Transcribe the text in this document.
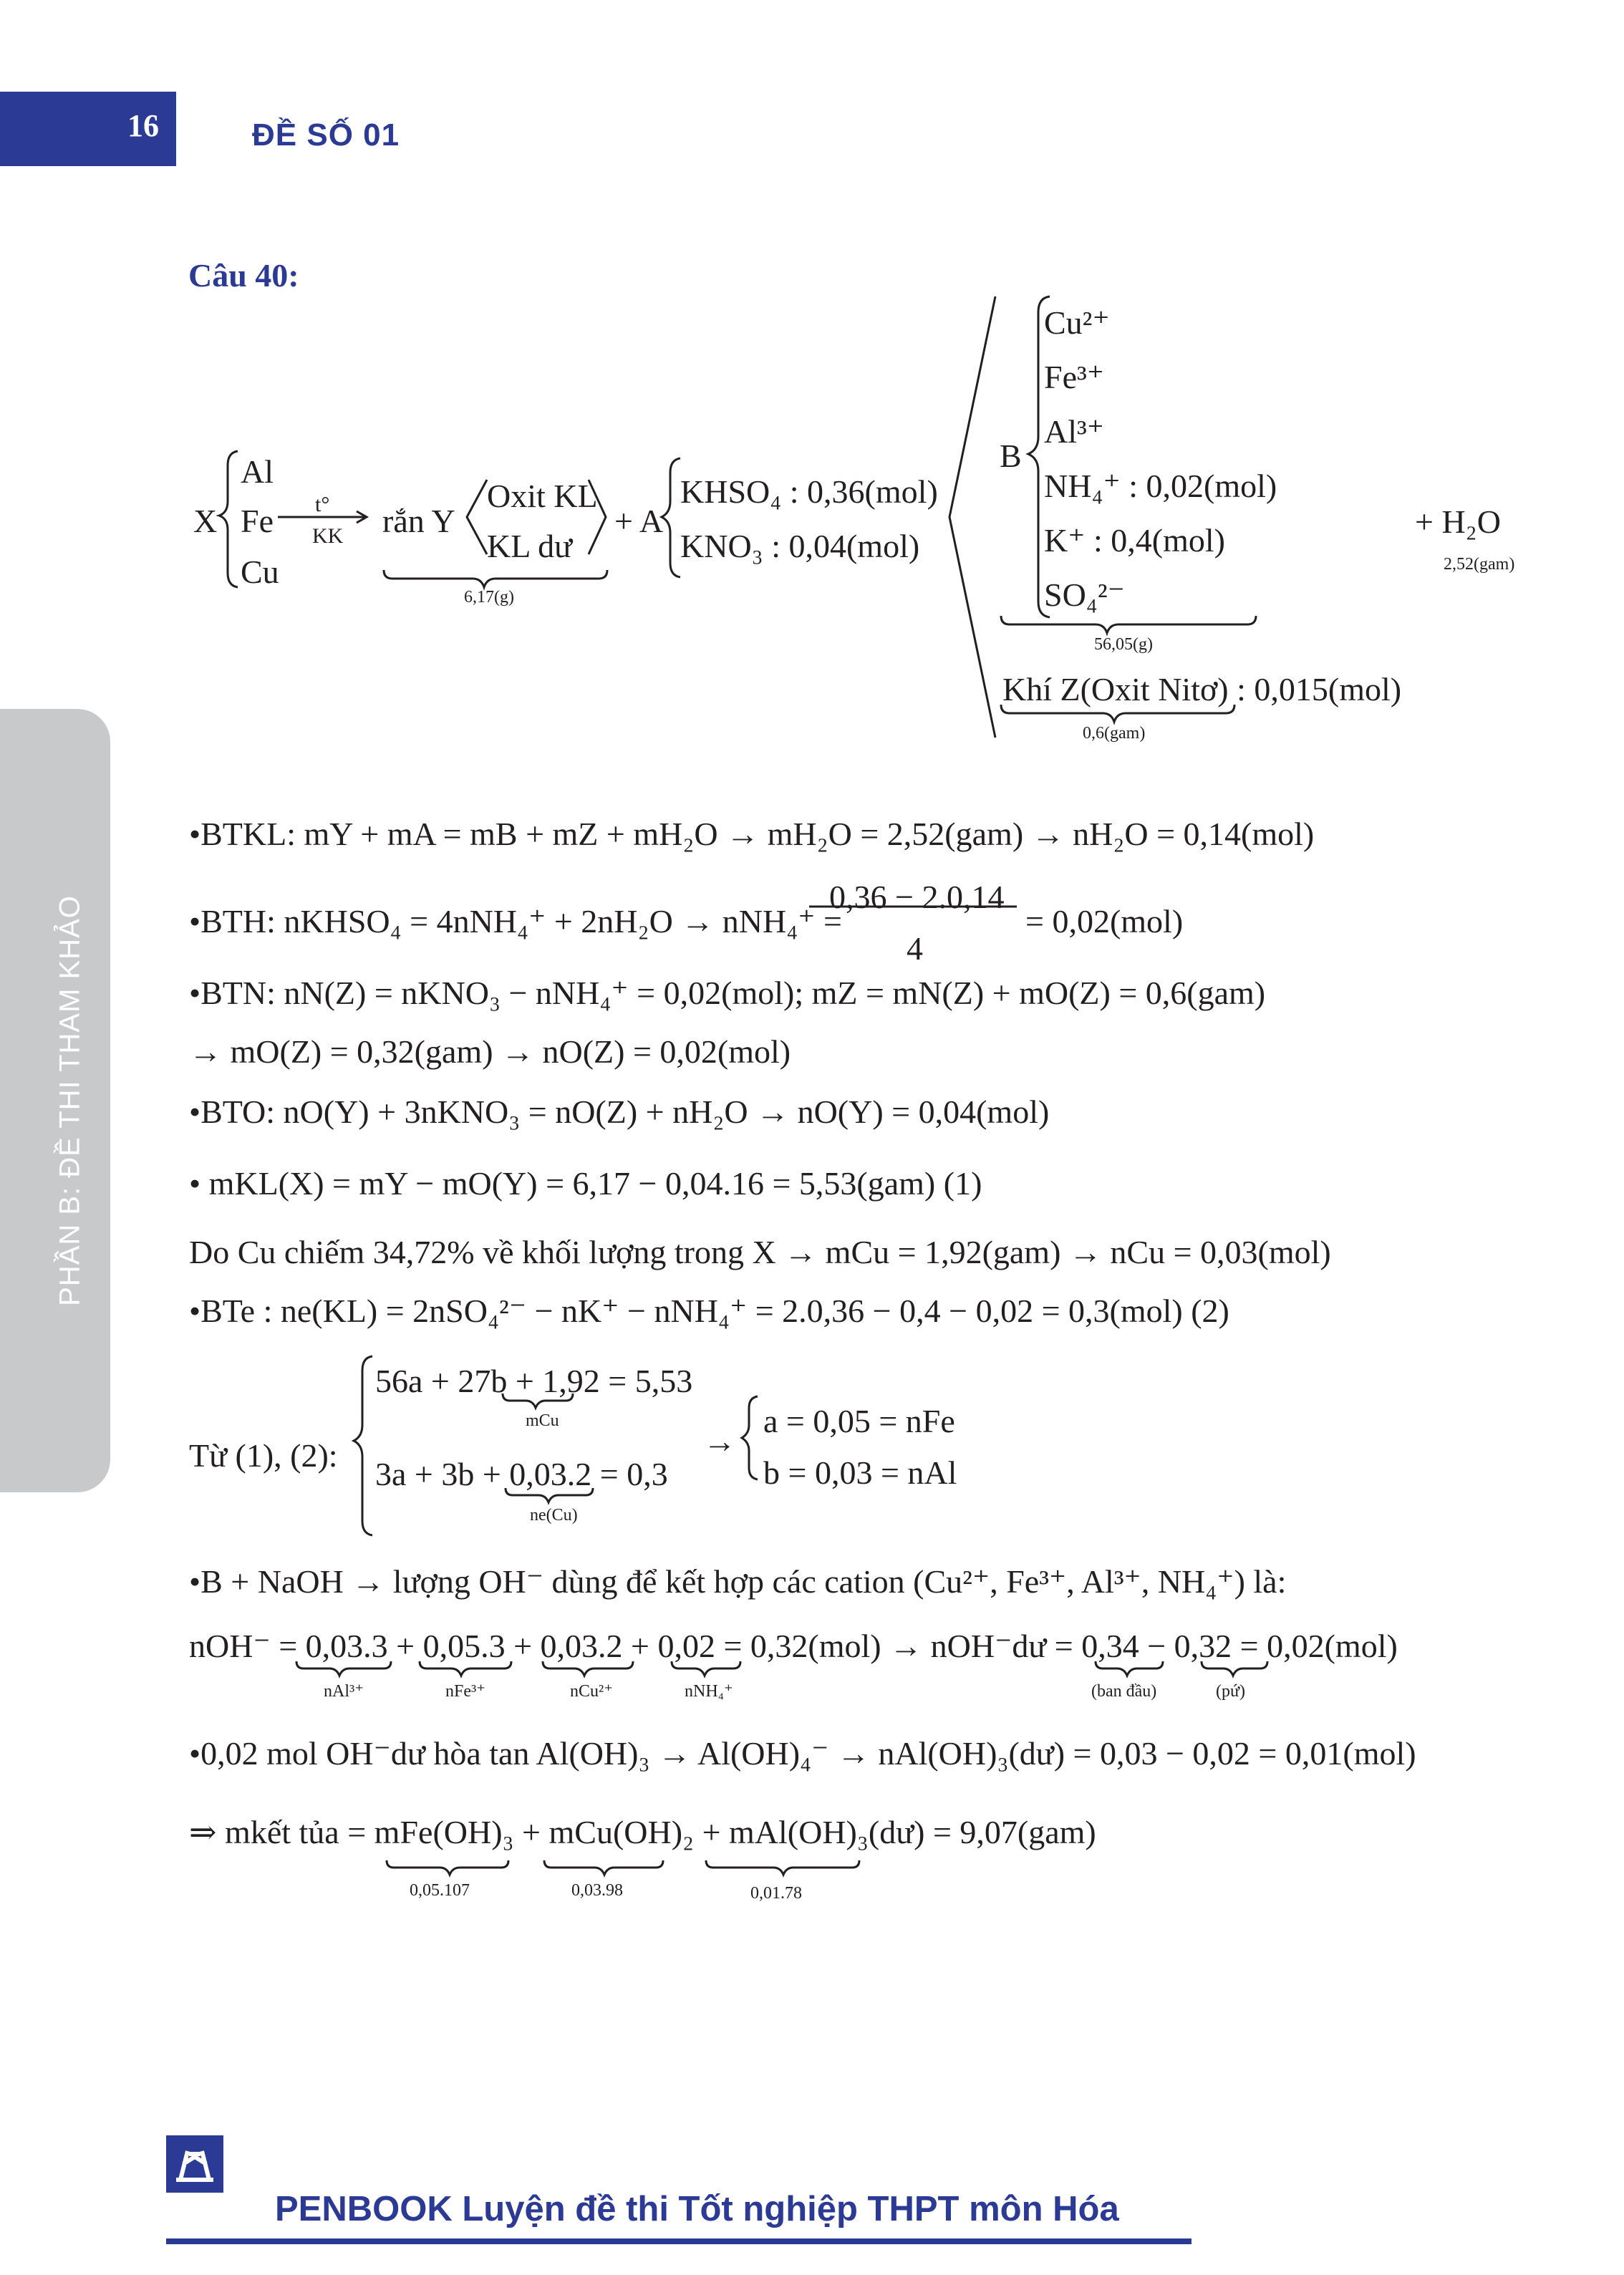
16	ĐỀ SỐ 01
PHẦN B: ĐỀ THI THAM KHẢO
Câu 40:
X
Al
Fe
Cu
t°
KK rắn Y
Oxit KL
KL dư
6,17(g)
+ A
KHSO₄ : 0,36(mol)
KNO₃ : 0,04(mol)
B
Cu²⁺
Fe³⁺
Al³⁺
NH₄⁺ : 0,02(mol)
K⁺ : 0,4(mol)
SO₄²⁻
56,05(g)
Khí Z(Oxit Nitơ) : 0,015(mol)
0,6(gam)
+ H₂O
2,52(gam)
•BTKL: mY + mA = mB + mZ + mH₂O → mH₂O = 2,52(gam) → nH₂O = 0,14(mol)
•BTH: nKHSO₄ = 4nNH₄⁺ + 2nH₂O → nNH₄⁺ =
0,36 − 2.0,14
4
= 0,02(mol)
•BTN: nN(Z) = nKNO₃ − nNH₄⁺ = 0,02(mol); mZ = mN(Z) + mO(Z) = 0,6(gam)
→ mO(Z) = 0,32(gam) → nO(Z) = 0,02(mol)
•BTO: nO(Y) + 3nKNO₃ = nO(Z) + nH₂O → nO(Y) = 0,04(mol)
• mKL(X) = mY − mO(Y) = 6,17 − 0,04.16 = 5,53(gam) (1)
Do Cu chiếm 34,72% về khối lượng trong X → mCu = 1,92(gam) → nCu = 0,03(mol)
•BTe : ne(KL) = 2nSO₄²⁻ − nK⁺ − nNH₄⁺ = 2.0,36 − 0,4 − 0,02 = 0,3(mol) (2)
Từ (1), (2):
56a + 27b + 1,92 = 5,53
mCu
3a + 3b + 0,03.2 = 0,3
ne(Cu)
→
a = 0,05 = nFe
b = 0,03 = nAl
•B + NaOH → lượng OH⁻ dùng để kết hợp các cation (Cu²⁺, Fe³⁺, Al³⁺, NH₄⁺) là:
nOH⁻ = 0,03.3 + 0,05.3 + 0,03.2 + 0,02 = 0,32(mol) → nOH⁻dư = 0,34 − 0,32 = 0,02(mol)
nAl³⁺	nFe³⁺	nCu²⁺	nNH₄⁺	(ban đầu)	(pứ)
•0,02 mol OH⁻dư hòa tan Al(OH)₃ → Al(OH)₄⁻ → nAl(OH)₃(dư) = 0,03 − 0,02 = 0,01(mol)
⇒ mkết tủa = mFe(OH)₃ + mCu(OH)₂ + mAl(OH)₃(dư) = 9,07(gam)
0,05.107	0,03.98	0,01.78
PENBOOK Luyện đề thi Tốt nghiệp THPT môn Hóa
